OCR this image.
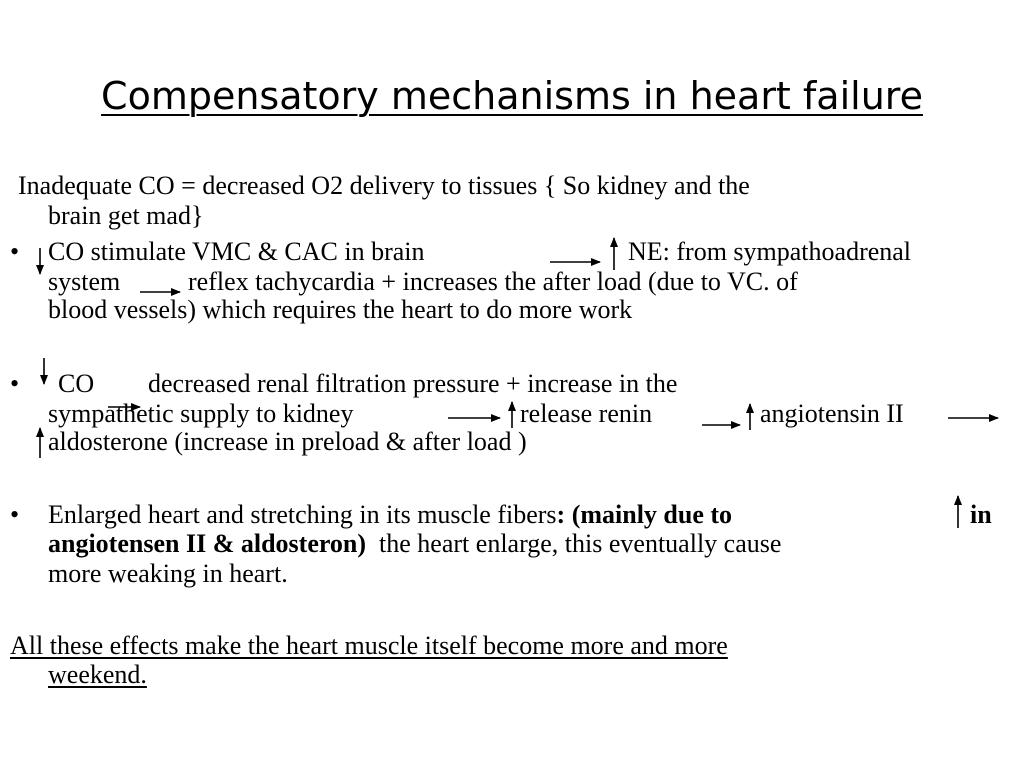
Compensatory mechanisms in heart failure
Inadequate CO = decreased O2 delivery to tissues { So kidney and the
brain get mad}
• CO stimulate VMC & CAC in brain	NE: from sympathoadrenal
system	reflex tachycardia + increases the after load (due to VC. of
blood vessels) which requires the heart to do more work
• CO decreased renal filtration pressure + increase in the
sympathetic supply to kidney	release renin	angiotensin II
aldosterone (increase in preload & after load )
• Enlarged heart and stretching in its muscle fibers: (mainly due to	in
angiotensen II & aldosteron) the heart enlarge, this eventually cause
more weaking in heart.
All these effects make the heart muscle itself become more and more
weekend.
